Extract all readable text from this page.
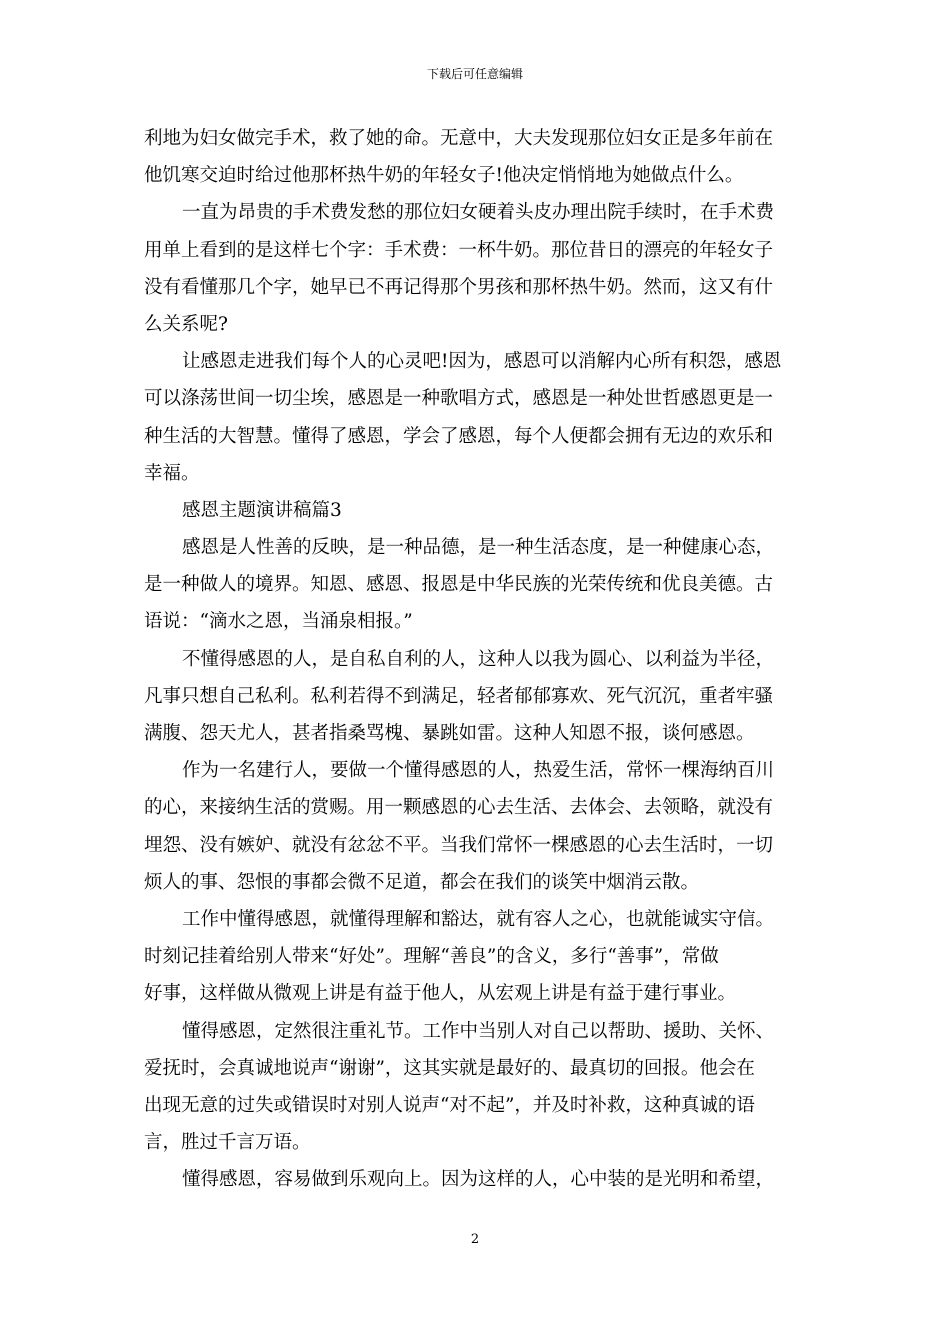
下载后可任意编辑
利地为妇女做完手术，救了她的命。无意中，大夫发现那位妇女正是多年前在
他饥寒交迫时给过他那杯热牛奶的年轻女子!他决定悄悄地为她做点什么。
一直为昂贵的手术费发愁的那位妇女硬着头皮办理出院手续时，在手术费
用单上看到的是这样七个字：手术费：一杯牛奶。那位昔日的漂亮的年轻女子
没有看懂那几个字，她早已不再记得那个男孩和那杯热牛奶。然而，这又有什
么关系呢?
让感恩走进我们每个人的心灵吧!因为，感恩可以消解内心所有积怨，感恩
可以涤荡世间一切尘埃，感恩是一种歌唱方式，感恩是一种处世哲感恩更是一
种生活的大智慧。懂得了感恩，学会了感恩，每个人便都会拥有无边的欢乐和
幸福。
感恩主题演讲稿篇3
感恩是人性善的反映，是一种品德，是一种生活态度，是一种健康心态，
是一种做人的境界。知恩、感恩、报恩是中华民族的光荣传统和优良美德。古
语说：“滴水之恩，当涌泉相报。”
不懂得感恩的人，是自私自利的人，这种人以我为圆心、以利益为半径，
凡事只想自己私利。私利若得不到满足，轻者郁郁寡欢、死气沉沉，重者牢骚
满腹、怨天尤人，甚者指桑骂槐、暴跳如雷。这种人知恩不报，谈何感恩。
作为一名建行人，要做一个懂得感恩的人，热爱生活，常怀一棵海纳百川
的心，来接纳生活的赏赐。用一颗感恩的心去生活、去体会、去领略，就没有
埋怨、没有嫉妒、就没有忿忿不平。当我们常怀一棵感恩的心去生活时，一切
烦人的事、怨恨的事都会微不足道，都会在我们的谈笑中烟消云散。
工作中懂得感恩，就懂得理解和豁达，就有容人之心，也就能诚实守信。
时刻记挂着给别人带来“好处”。理解“善良”的含义，多行“善事”，常做
好事，这样做从微观上讲是有益于他人，从宏观上讲是有益于建行事业。
懂得感恩，定然很注重礼节。工作中当别人对自己以帮助、援助、关怀、
爱抚时，会真诚地说声“谢谢”，这其实就是最好的、最真切的回报。他会在
出现无意的过失或错误时对别人说声“对不起”，并及时补救，这种真诚的语
言，胜过千言万语。
懂得感恩，容易做到乐观向上。因为这样的人，心中装的是光明和希望，
2
